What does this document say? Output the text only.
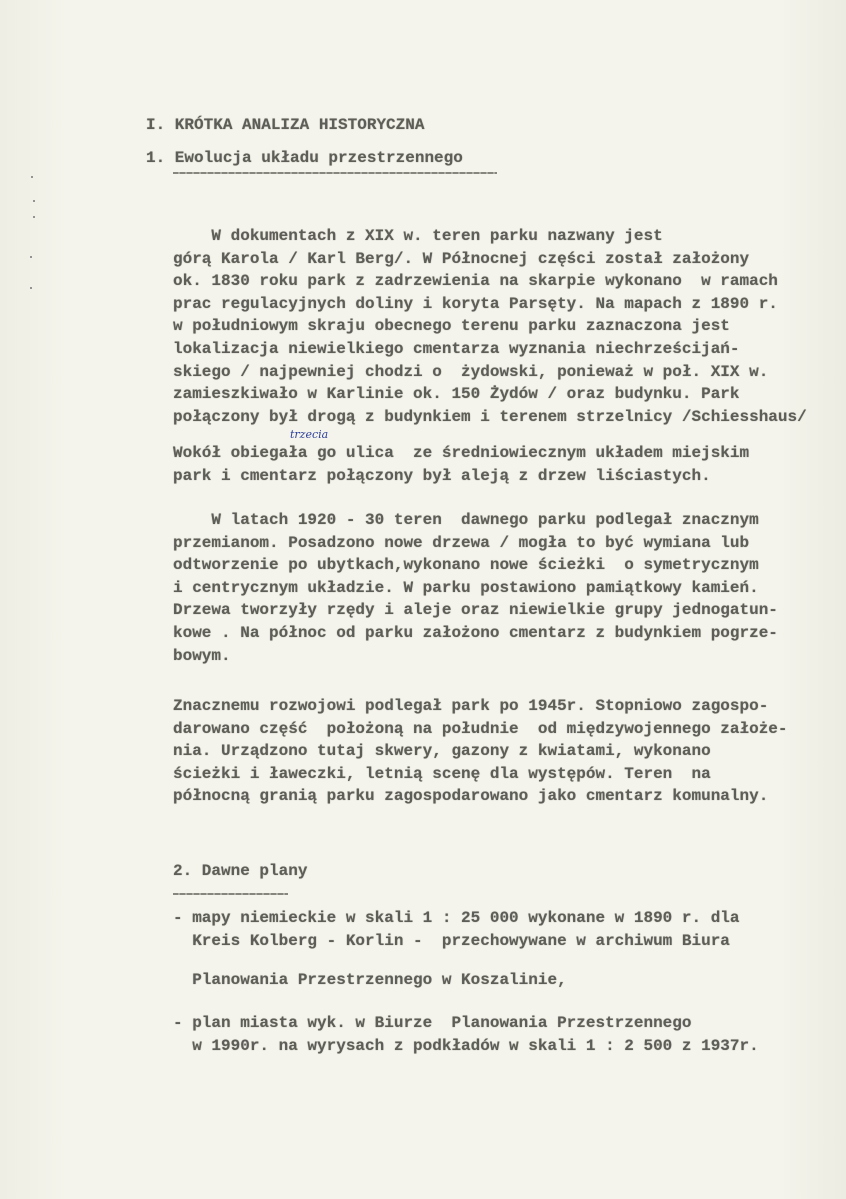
I. KRÓTKA ANALIZA HISTORYCZNA
1. Ewolucja układu przestrzennego
W dokumentach z XIX w. teren parku nazwany jest
górą Karola / Karl Berg/. W Północnej części został założony
ok. 1830 roku park z zadrzewienia na skarpie wykonano  w ramach
prac regulacyjnych doliny i koryta Parsęty. Na mapach z 1890 r.
w południowym skraju obecnego terenu parku zaznaczona jest
lokalizacja niewielkiego cmentarza wyznania niechrześcijań-
skiego / najpewniej chodzi o  żydowski, ponieważ w poł. XIX w.
zamieszkiwało w Karlinie ok. 150 Żydów / oraz budynku. Park
połączony był drogą z budynkiem i terenem strzelnicy /Schiesshaus/
Wokół obiegała go ulica  ze średniowiecznym układem miejskim
park i cmentarz połączony był aleją z drzew liściastych.
trzecia
W latach 1920 - 30 teren  dawnego parku podlegał znacznym
przemianom. Posadzono nowe drzewa / mogła to być wymiana lub
odtworzenie po ubytkach,wykonano nowe ścieżki  o symetrycznym
i centrycznym układzie. W parku postawiono pamiątkowy kamień.
Drzewa tworzyły rzędy i aleje oraz niewielkie grupy jednogatun-
kowe . Na północ od parku założono cmentarz z budynkiem pogrze-
bowym.
Znacznemu rozwojowi podlegał park po 1945r. Stopniowo zagospo-
darowano część  położoną na południe  od międzywojennego założe-
nia. Urządzono tutaj skwery, gazony z kwiatami, wykonano
ścieżki i ławeczki, letnią scenę dla występów. Teren  na
północną granią parku zagospodarowano jako cmentarz komunalny.
2. Dawne plany
- mapy niemieckie w skali 1 : 25 000 wykonane w 1890 r. dla
Kreis Kolberg - Korlin -  przechowywane w archiwum Biura
Planowania Przestrzennego w Koszalinie,
- plan miasta wyk. w Biurze  Planowania Przestrzennego
w 1990r. na wyrysach z podkładów w skali 1 : 2 500 z 1937r.
